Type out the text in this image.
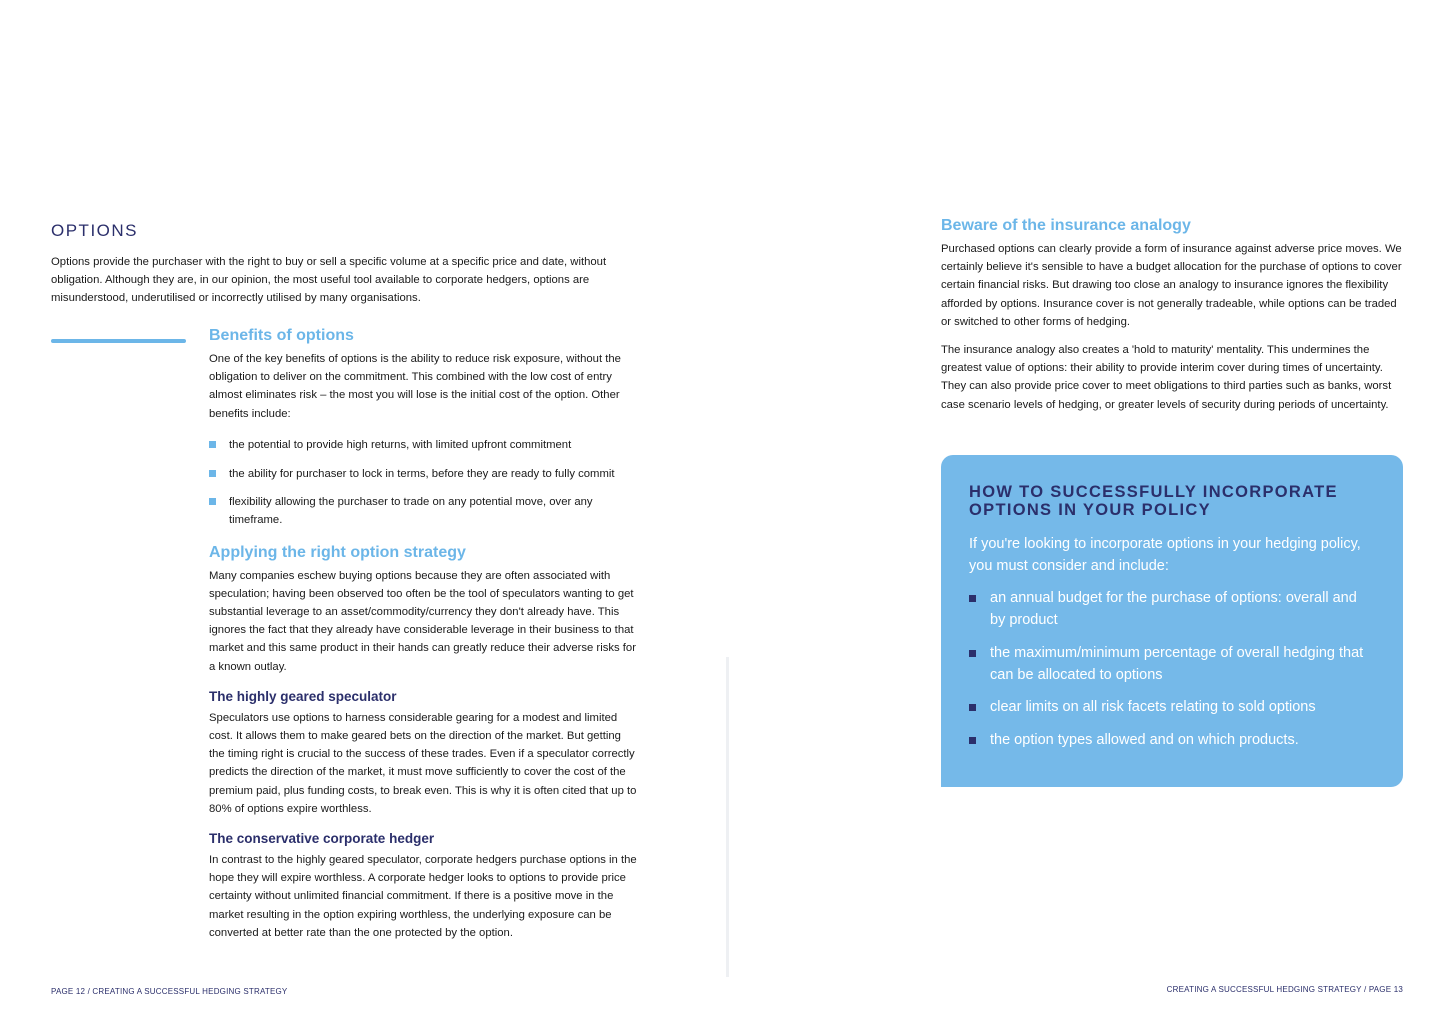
OPTIONS

Options provide the purchaser with the right to buy or sell a specific volume at a specific price and date, without obligation. Although they are, in our opinion, the most useful tool available to corporate hedgers, options are misunderstood, underutilised or incorrectly utilised by many organisations.

Benefits of options

One of the key benefits of options is the ability to reduce risk exposure, without the obligation to deliver on the commitment. This combined with the low cost of entry almost eliminates risk – the most you will lose is the initial cost of the option. Other benefits include:

the potential to provide high returns, with limited upfront commitment
the ability for purchaser to lock in terms, before they are ready to fully commit
flexibility allowing the purchaser to trade on any potential move, over any timeframe.
Applying the right option strategy

Many companies eschew buying options because they are often associated with speculation; having been observed too often be the tool of speculators wanting to get substantial leverage to an asset/commodity/currency they don't already have. This ignores the fact that they already have considerable leverage in their business to that market and this same product in their hands can greatly reduce their adverse risks for a known outlay.

The highly geared speculator

Speculators use options to harness considerable gearing for a modest and limited cost. It allows them to make geared bets on the direction of the market. But getting the timing right is crucial to the success of these trades. Even if a speculator correctly predicts the direction of the market, it must move sufficiently to cover the cost of the premium paid, plus funding costs, to break even. This is why it is often cited that up to 80% of options expire worthless.

The conservative corporate hedger

In contrast to the highly geared speculator, corporate hedgers purchase options in the hope they will expire worthless. A corporate hedger looks to options to provide price certainty without unlimited financial commitment. If there is a positive move in the market resulting in the option expiring worthless, the underlying exposure can be converted at better rate than the one protected by the option.

PAGE 12 / CREATING A SUCCESSFUL HEDGING STRATEGY
Beware of the insurance analogy

Purchased options can clearly provide a form of insurance against adverse price moves. We certainly believe it's sensible to have a budget allocation for the purchase of options to cover certain financial risks. But drawing too close an analogy to insurance ignores the flexibility afforded by options. Insurance cover is not generally tradeable, while options can be traded or switched to other forms of hedging.

The insurance analogy also creates a 'hold to maturity' mentality. This undermines the greatest value of options: their ability to provide interim cover during times of uncertainty. They can also provide price cover to meet obligations to third parties such as banks, worst case scenario levels of hedging, or greater levels of security during periods of uncertainty.

HOW TO SUCCESSFULLY INCORPORATE OPTIONS IN YOUR POLICY

If you're looking to incorporate options in your hedging policy, you must consider and include:

an annual budget for the purchase of options: overall and by product
the maximum/minimum percentage of overall hedging that can be allocated to options
clear limits on all risk facets relating to sold options
the option types allowed and on which products.
CREATING A SUCCESSFUL HEDGING STRATEGY / PAGE 13
